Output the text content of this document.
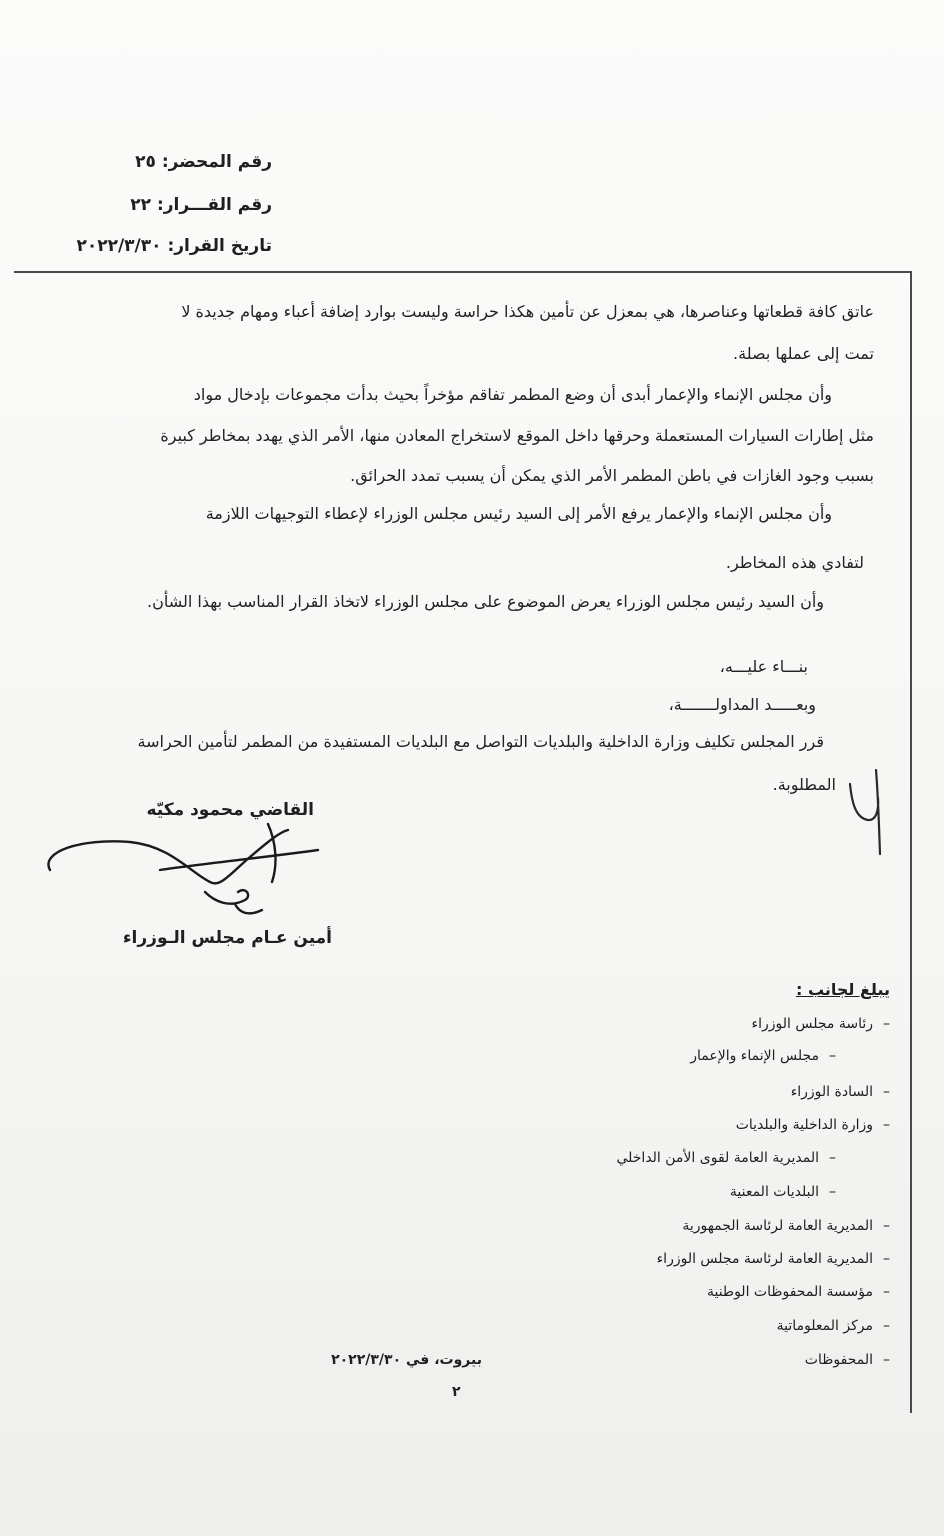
رقم المحضر: ٢٥
رقم القـــرار: ٢٢
تاريخ القرار: ٢٠٢٢/٣/٣٠
عاتق كافة قطعاتها وعناصرها، هي بمعزل عن تأمين هكذا حراسة وليست بوارد إضافة أعباء ومهام جديدة لا
تمت إلى عملها بصلة.
وأن مجلس الإنماء والإعمار أبدى أن وضع المطمر تفاقم مؤخراً بحيث بدأت مجموعات بإدخال مواد
مثل إطارات السيارات المستعملة وحرقها داخل الموقع لاستخراج المعادن منها، الأمر الذي يهدد بمخاطر كبيرة
بسبب وجود الغازات في باطن المطمر الأمر الذي يمكن أن يسبب تمدد الحرائق.
وأن مجلس الإنماء والإعمار يرفع الأمر إلى السيد رئيس مجلس الوزراء لإعطاء التوجيهات اللازمة
لتفادي هذه المخاطر.
وأن السيد رئيس مجلس الوزراء يعرض الموضوع على مجلس الوزراء لاتخاذ القرار المناسب بهذا الشأن.
بنـــاء عليـــه،
وبعـــــد المداولـــــــة،
قرر المجلس تكليف وزارة الداخلية والبلديات التواصل مع البلديات المستفيدة من المطمر لتأمين الحراسة
المطلوبة.
القاضي محمود مكيّه
أمين عـام مجلس الـوزراء
يبلغ لجانب :
–رئاسة مجلس الوزراء
–مجلس الإنماء والإعمار
–السادة الوزراء
–وزارة الداخلية والبلديات
–المديرية العامة لقوى الأمن الداخلي
–البلديات المعنية
–المديرية العامة لرئاسة الجمهورية
–المديرية العامة لرئاسة مجلس الوزراء
–مؤسسة المحفوظات الوطنية
–مركز المعلوماتية
–المحفوظات
بيروت، في ٢٠٢٢/٣/٣٠
٢
